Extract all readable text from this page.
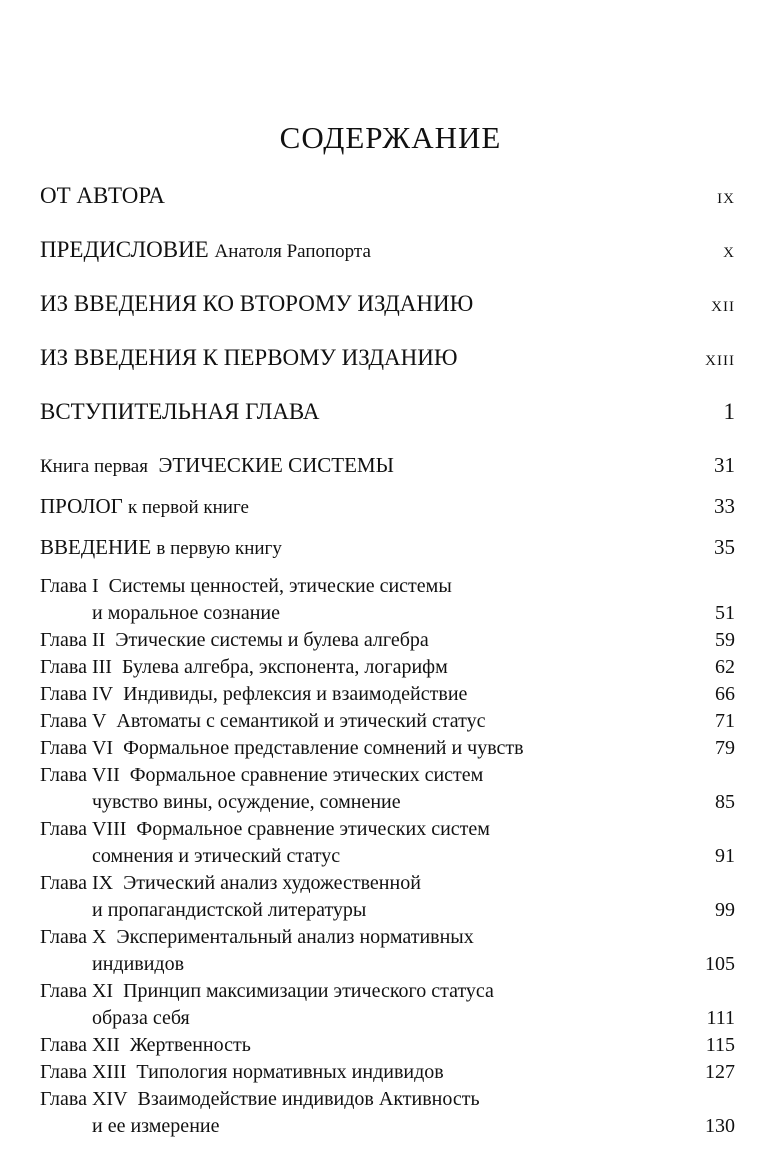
СОДЕРЖАНИЕ
ОТ АВТОРА	IX
ПРЕДИСЛОВИЕ Анатоля Рапопорта	X
ИЗ ВВЕДЕНИЯ КО ВТОРОМУ ИЗДАНИЮ	XII
ИЗ ВВЕДЕНИЯ К ПЕРВОМУ ИЗДАНИЮ	XIII
ВСТУПИТЕЛЬНАЯ ГЛАВА	1
Книга первая ЭТИЧЕСКИЕ СИСТЕМЫ	31
ПРОЛОГ к первой книге	33
ВВЕДЕНИЕ в первую книгу	35
Глава I Системы ценностей, этические системы
и моральное сознание	51
Глава II Этические системы и булева алгебра	59
Глава III Булева алгебра, экспонента, логарифм	62
Глава IV Индивиды, рефлексия и взаимодействие	66
Глава V Автоматы с семантикой и этический статус	71
Глава VI Формальное представление сомнений и чувств	79
Глава VII Формальное сравнение этических систем
чувство вины, осуждение, сомнение	85
Глава VIII Формальное сравнение этических систем
сомнения и этический статус	91
Глава IX Этический анализ художественной
и пропагандистской литературы	99
Глава X Экспериментальный анализ нормативных
индивидов	105
Глава XI Принцип максимизации этического статуса
образа себя	111
Глава XII Жертвенность	115
Глава XIII Типология нормативных индивидов	127
Глава XIV Взаимодействие индивидов Активность
и ее измерение	130
